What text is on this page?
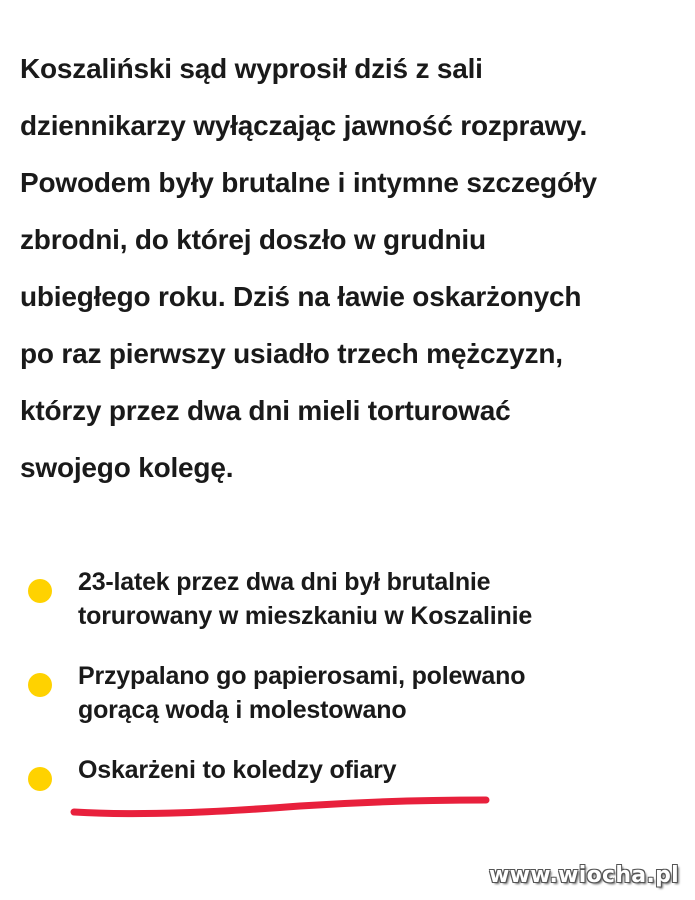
Koszaliński sąd wyprosił dziś z sali
dziennikarzy wyłączając jawność rozprawy.
Powodem były brutalne i intymne szczegóły
zbrodni, do której doszło w grudniu
ubiegłego roku. Dziś na ławie oskarżonych
po raz pierwszy usiadło trzech mężczyzn,
którzy przez dwa dni mieli torturować
swojego kolegę.

23-latek przez dwa dni był brutalnie
torurowany w mieszkaniu w Koszalinie
Przypalano go papierosami, polewano
gorącą wodą i molestowano
Oskarżeni to koledzy ofiary
www.wiocha.pl
